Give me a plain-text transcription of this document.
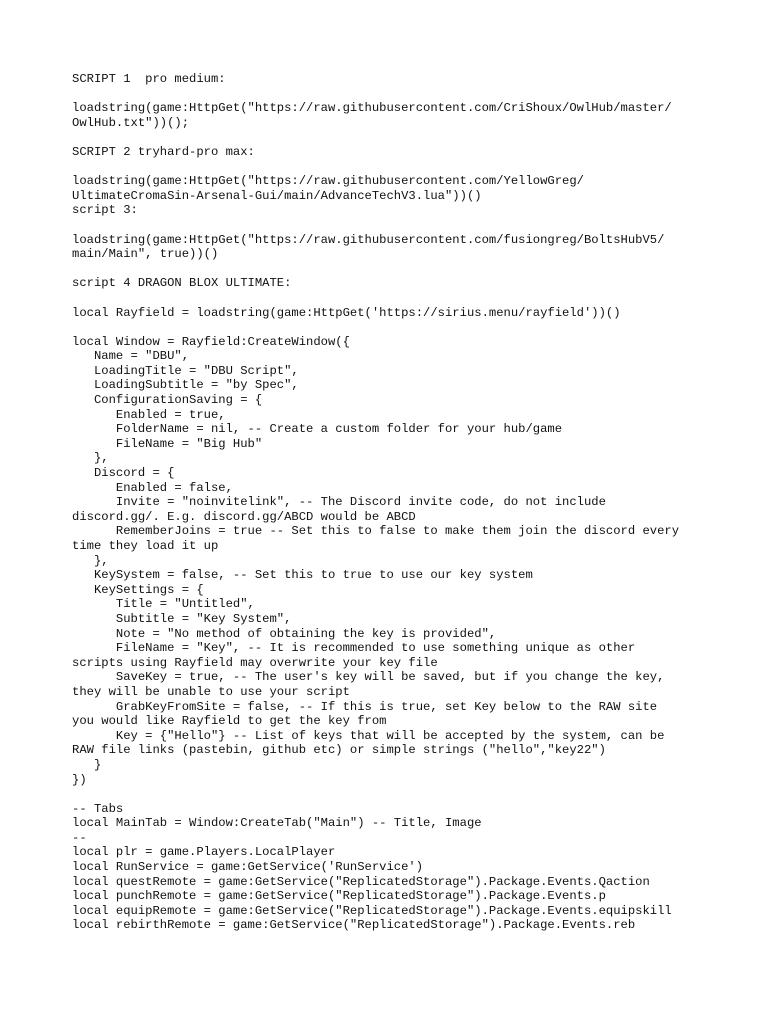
SCRIPT 1  pro medium:
loadstring(game:HttpGet("https://raw.githubusercontent.com/CriShoux/OwlHub/master/
OwlHub.txt"))();
SCRIPT 2 tryhard-pro max:
loadstring(game:HttpGet("https://raw.githubusercontent.com/YellowGreg/
UltimateCromaSin-Arsenal-Gui/main/AdvanceTechV3.lua"))()
script 3:
loadstring(game:HttpGet("https://raw.githubusercontent.com/fusiongreg/BoltsHubV5/
main/Main", true))()
script 4 DRAGON BLOX ULTIMATE:
local Rayfield = loadstring(game:HttpGet('https://sirius.menu/rayfield'))()
local Window = Rayfield:CreateWindow({
Name = "DBU",
LoadingTitle = "DBU Script",
LoadingSubtitle = "by Spec",
ConfigurationSaving = {
Enabled = true,
FolderName = nil, -- Create a custom folder for your hub/game
FileName = "Big Hub"
},
Discord = {
Enabled = false,
Invite = "noinvitelink", -- The Discord invite code, do not include
discord.gg/. E.g. discord.gg/ABCD would be ABCD
RememberJoins = true -- Set this to false to make them join the discord every
time they load it up
},
KeySystem = false, -- Set this to true to use our key system
KeySettings = {
Title = "Untitled",
Subtitle = "Key System",
Note = "No method of obtaining the key is provided",
FileName = "Key", -- It is recommended to use something unique as other
scripts using Rayfield may overwrite your key file
SaveKey = true, -- The user's key will be saved, but if you change the key,
they will be unable to use your script
GrabKeyFromSite = false, -- If this is true, set Key below to the RAW site
you would like Rayfield to get the key from
Key = {"Hello"} -- List of keys that will be accepted by the system, can be
RAW file links (pastebin, github etc) or simple strings ("hello","key22")
}
})
-- Tabs
local MainTab = Window:CreateTab("Main") -- Title, Image
--
local plr = game.Players.LocalPlayer
local RunService = game:GetService('RunService')
local questRemote = game:GetService("ReplicatedStorage").Package.Events.Qaction
local punchRemote = game:GetService("ReplicatedStorage").Package.Events.p
local equipRemote = game:GetService("ReplicatedStorage").Package.Events.equipskill
local rebirthRemote = game:GetService("ReplicatedStorage").Package.Events.reb
